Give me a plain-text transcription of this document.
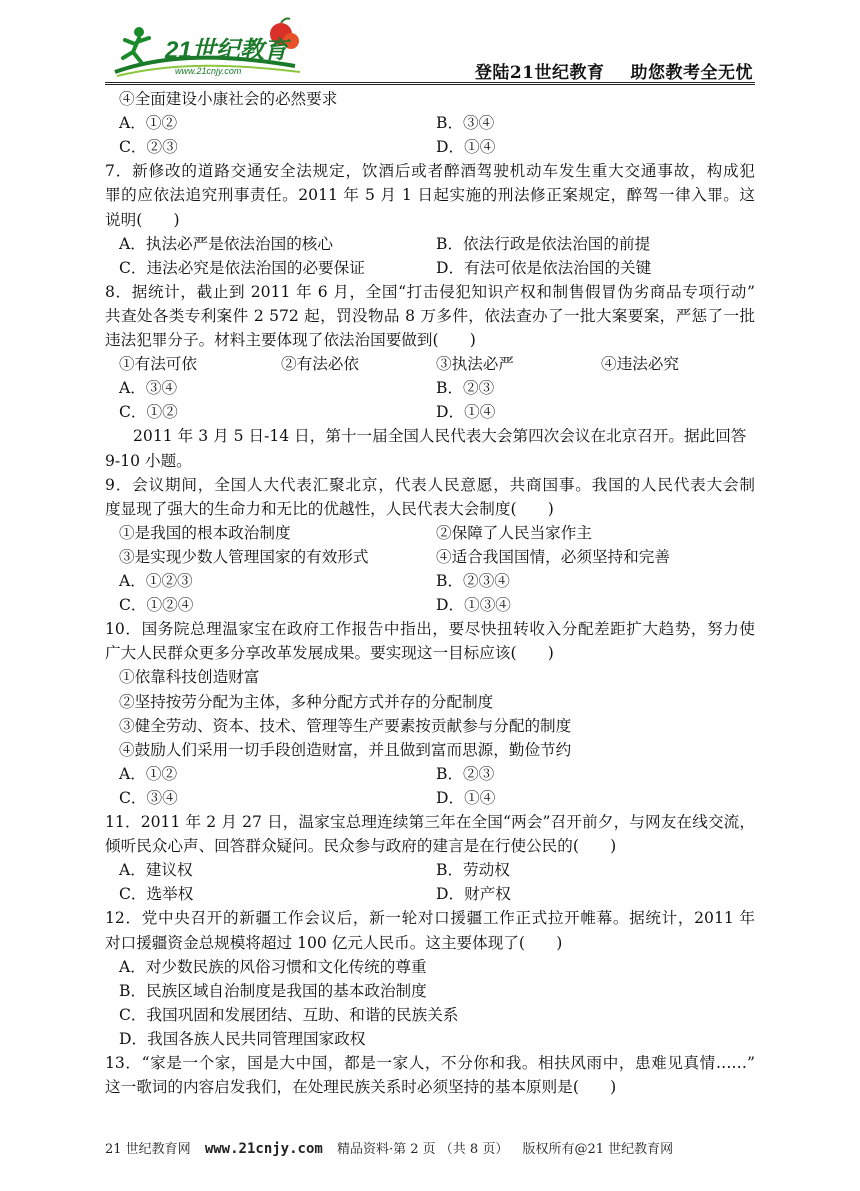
21世纪教育
www.21cnjy.com	登陆21世纪教育 助您教考全无忧
④全面建设小康社会的必然要求
A．①②	B．③④
C．②③	D．①④
7．新修改的道路交通安全法规定，饮酒后或者醉酒驾驶机动车发生重大交通事故，构成犯
罪的应依法追究刑事责任。2011 年 5 月 1 日起实施的刑法修正案规定，醉驾一律入罪。这
说明(　　)
A．执法必严是依法治国的核心	B．依法行政是依法治国的前提
C．违法必究是依法治国的必要保证	D．有法可依是依法治国的关键
8．据统计，截止到 2011 年 6 月，全国“打击侵犯知识产权和制售假冒伪劣商品专项行动”
共查处各类专利案件 2 572 起，罚没物品 8 万多件，依法查办了一批大案要案，严惩了一批
违法犯罪分子。材料主要体现了依法治国要做到(　　)
①有法可依	②有法必依	③执法必严	④违法必究
A．③④	B．②③
C．①②	D．①④
2011 年 3 月 5 日-14 日，第十一届全国人民代表大会第四次会议在北京召开。据此回答
9-10 小题。
9．会议期间，全国人大代表汇聚北京，代表人民意愿，共商国事。我国的人民代表大会制
度显现了强大的生命力和无比的优越性，人民代表大会制度(　　)
①是我国的根本政治制度	②保障了人民当家作主
③是实现少数人管理国家的有效形式	④适合我国国情，必须坚持和完善
A．①②③	B．②③④
C．①②④	D．①③④
10．国务院总理温家宝在政府工作报告中指出，要尽快扭转收入分配差距扩大趋势，努力使
广大人民群众更多分享改革发展成果。要实现这一目标应该(　　)
①依靠科技创造财富
②坚持按劳分配为主体，多种分配方式并存的分配制度
③健全劳动、资本、技术、管理等生产要素按贡献参与分配的制度
④鼓励人们采用一切手段创造财富，并且做到富而思源，勤俭节约
A．①②	B．②③
C．③④	D．①④
11．2011 年 2 月 27 日，温家宝总理连续第三年在全国“两会”召开前夕，与网友在线交流，
倾听民众心声、回答群众疑问。民众参与政府的建言是在行使公民的(　　)
A．建议权	B．劳动权
C．选举权	D．财产权
12．党中央召开的新疆工作会议后，新一轮对口援疆工作正式拉开帷幕。据统计，2011 年
对口援疆资金总规模将超过 100 亿元人民币。这主要体现了(　　)
A．对少数民族的风俗习惯和文化传统的尊重
B．民族区域自治制度是我国的基本政治制度
C．我国巩固和发展团结、互助、和谐的民族关系
D．我国各族人民共同管理国家政权
13．“家是一个家，国是大中国，都是一家人，不分你和我。相扶风雨中，患难见真情……”
这一歌词的内容启发我们，在处理民族关系时必须坚持的基本原则是(　　)
21 世纪教育网 www.21cnjy.com 精品资料·第 2 页 （共 8 页） 版权所有@21 世纪教育网
